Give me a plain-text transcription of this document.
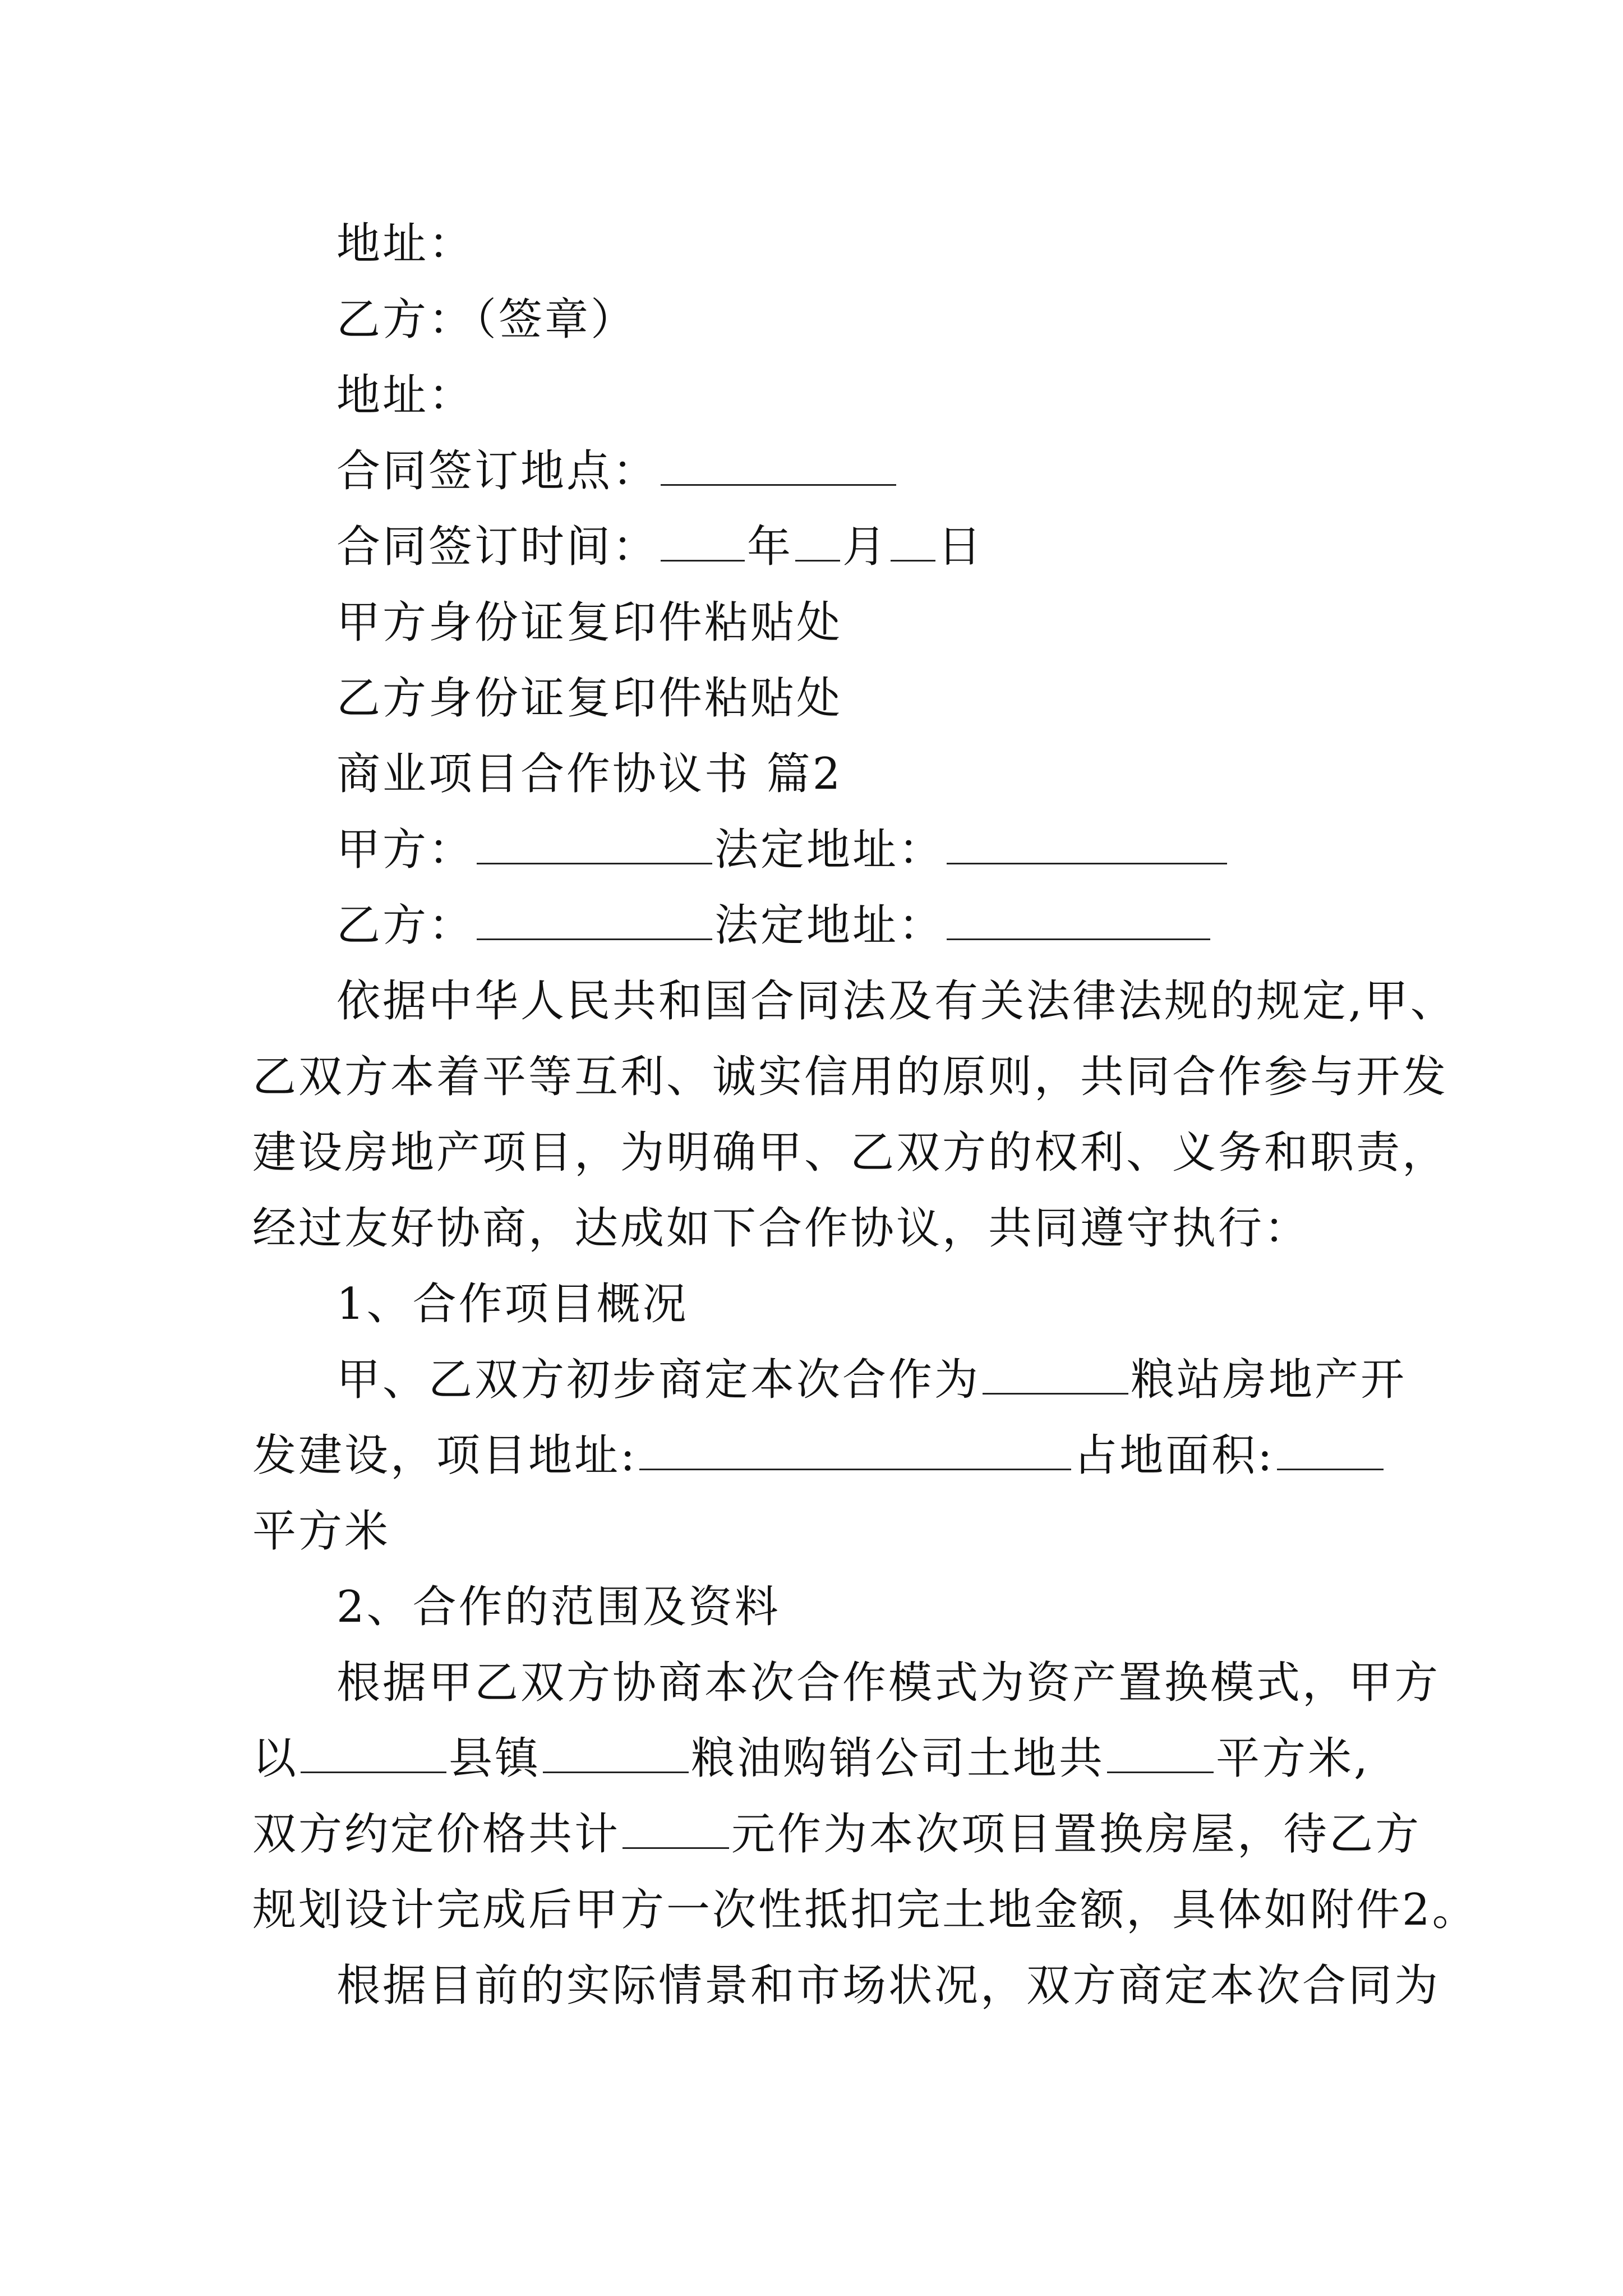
地址：
乙方：（签章）
地址：
合同签订地点：
合同签订时间： 年 月 日
甲方身份证复印件粘贴处
乙方身份证复印件粘贴处
商业项目合作协议书 篇2
甲方：	法定地址：
乙方：	法定地址：
依据中华人民共和国合同法及有关法律法规的规定,甲、
乙双方本着平等互利、诚实信用的原则，共同合作参与开发
建设房地产项目，为明确甲、乙双方的权利、义务和职责，
经过友好协商，达成如下合作协议，共同遵守执行：
1、合作项目概况
甲、乙双方初步商定本次合作为	粮站房地产开
发建设，项目地址:	占地面积:
平方米
2、合作的范围及资料
根据甲乙双方协商本次合作模式为资产置换模式，甲方
以	县镇	粮油购销公司土地共	平方米,
双方约定价格共计	元作为本次项目置换房屋，待乙方
规划设计完成后甲方一次性抵扣完土地金额，具体如附件2。
根据目前的实际情景和市场状况，双方商定本次合同为
